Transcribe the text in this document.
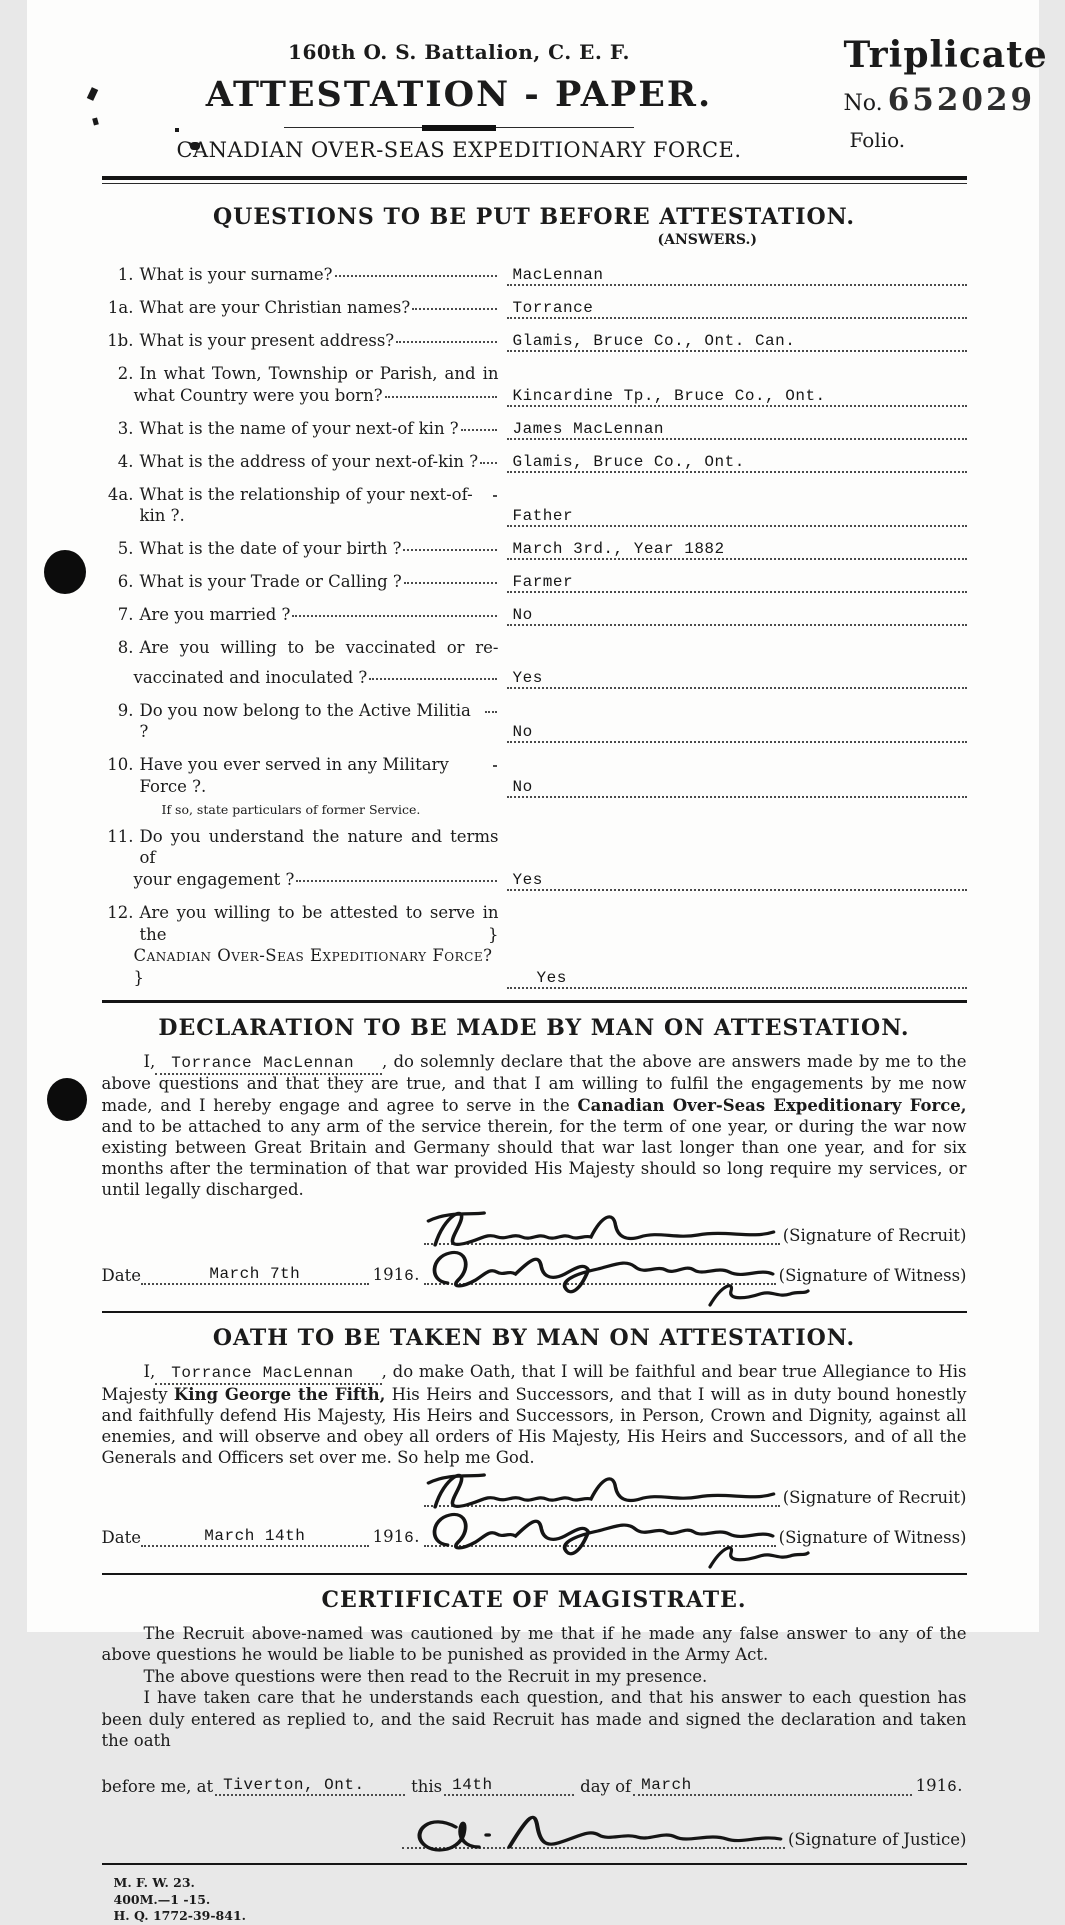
160th O. S. Battalion, C. E. F.
ATTESTATION - PAPER.
CANADIAN OVER-SEAS EXPEDITIONARY FORCE.
Triplicate
No. 652029
Folio.
QUESTIONS TO BE PUT BEFORE ATTESTATION.
(ANSWERS.)
1. What is your surname?	MacLennan
1a. What are your Christian names?	Torrance
1b. What is your present address?	Glamis, Bruce Co., Ont. Can.
2. In what Town, Township or Parish, and in
what Country were you born?	Kincardine Tp., Bruce Co., Ont.
3. What is the name of your next-of kin ?	James MacLennan
4. What is the address of your next-of-kin ?	Glamis, Bruce Co., Ont.
4a. What is the relationship of your next-of-kin ?.	Father
5. What is the date of your birth ?	March 3rd., Year 1882
6. What is your Trade or Calling ?	Farmer
7. Are you married ?	No
8. Are you willing to be vaccinated or re-
vaccinated and inoculated ?	Yes
9. Do you now belong to the Active Militia ?	No
10. Have you ever served in any Military Force ?.	No
If so, state particulars of former Service.
11. Do you understand the nature and terms of
your engagement ?	Yes
12. Are you willing to be attested to serve in the }
Canadian Over-Seas Expeditionary Force? }	Yes
DECLARATION TO BE MADE BY MAN ON ATTESTATION.

I, Torrance MacLennan , do solemnly declare that the above are answers made by me to the above questions and that they are true, and that I am willing to fulfil the engagements by me now made, and I hereby engage and agree to serve in the Canadian Over-Seas Expeditionary Force, and to be attached to any arm of the service therein, for the term of one year, or during the war now existing between Great Britain and Germany should that war last longer than one year, and for six months after the termination of that war provided His Majesty should so long require my services, or until legally discharged.

(Signature of Recruit)
Date	March 7th	1916.	(Signature of Witness)
OATH TO BE TAKEN BY MAN ON ATTESTATION.

I, Torrance MacLennan , do make Oath, that I will be faithful and bear true Allegiance to His Majesty King George the Fifth, His Heirs and Successors, and that I will as in duty bound honestly and faithfully defend His Majesty, His Heirs and Successors, in Person, Crown and Dignity, against all enemies, and will observe and obey all orders of His Majesty, His Heirs and Successors, and of all the Generals and Officers set over me. So help me God.

(Signature of Recruit)
Date	March 14th	1916.	(Signature of Witness)
CERTIFICATE OF MAGISTRATE.

The Recruit above-named was cautioned by me that if he made any false answer to any of the above questions he would be liable to be punished as provided in the Army Act.

The above questions were then read to the Recruit in my presence.

I have taken care that he understands each question, and that his answer to each question has been duly entered as replied to, and the said Recruit has made and signed the declaration and taken the oath

before me, at Tiverton, Ont.	this 14th	day of March	1916.
(Signature of Justice)
M. F. W. 23.
400M.—1 -15.
H. Q. 1772-39-841.
